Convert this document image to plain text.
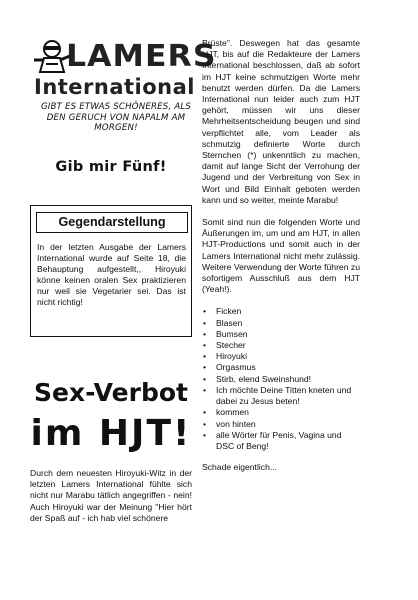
LAMERS
International
GIBT ES ETWAS SCHÖNERES, ALS DEN GERUCH VON NAPALM AM MORGEN!
Gib mir Fünf!
Gegendarstellung
In der letzten Ausgabe der Lamers International wurde auf Seite 18, die Behauptung aufgestellt,, Hiroyuki könne keinen oralen Sex praktizieren nur weil sie Vegetarier sei. Das ist nicht richtig!
Sex-Verbot
im HJT!
Durch dem neuesten Hiroyuki-Witz in der letzten Lamers International fühlte sich nicht nur Marabu tätlich angegriffen - nein! Auch Hiroyuki war der Meinung "Hier hört der Spaß auf - ich hab viel schönere

Brüste". Deswegen hat das gesamte HJT, bis auf die Redakteure der Lamers International beschlossen, daß ab sofort im HJT keine schmutzigen Worte mehr benutzt werden dürfen. Da die Lamers International nun leider auch zum HJT gehört, müssen wir uns dieser Mehrheitsentscheidung beugen und sind verpflichtet alle, vom Leader als schmutzig definierte Worte durch Sternchen (*) unkenntlich zu machen, damit auf lange Sicht der Verrohung der Jugend und der Verbreitung von Sex in Wort und Bild Einhalt geboten werden kann und so weiter, meinte Marabu!

Somit sind nun die folgenden Worte und Äußerungen im, um und am HJT, in allen HJT-Productions und somit auch in der Lamers International nicht mehr zulässig. Weitere Verwendung der Worte führen zu sofortigem Ausschluß aus dem HJT (Yeah!).

• Ficken
• Blasen
• Bumsen
• Stecher
• Hiroyuki
• Orgasmus
• Stirb, elend Sweinshund!
• Ich möchte Deine Titten kneten und dabei zu Jesus beten!
• kommen
• von hinten
• alle Wörter für Penis, Vagina und DSC of Beng!

Schade eigentlich...
